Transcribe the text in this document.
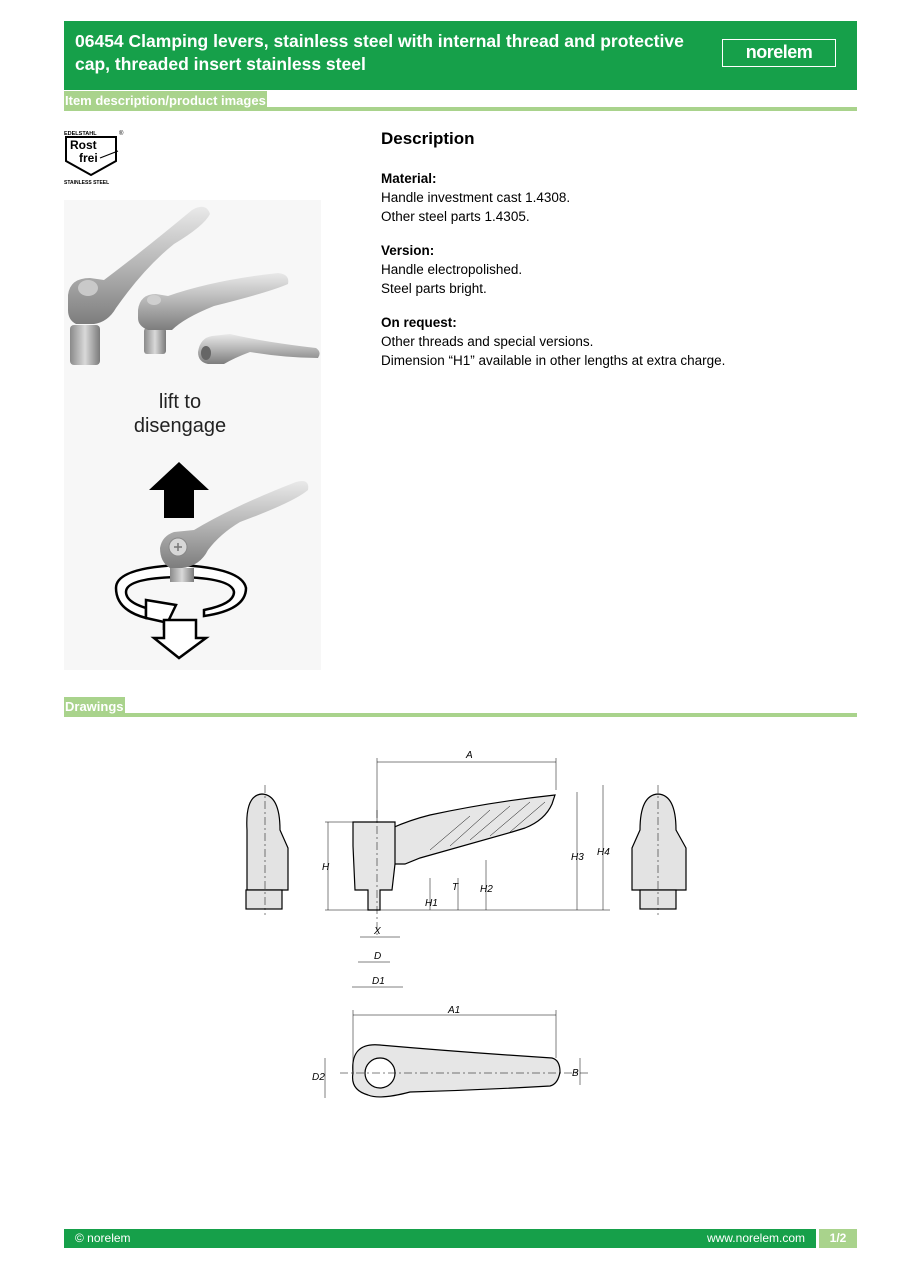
06454 Clamping levers, stainless steel with internal thread and protective cap, threaded insert stainless steel
norelem
Item description/product images
EDELSTAHL	®
Rost
frei
STAINLESS STEEL
lift to
disengage
Description
Material:
Handle investment cast 1.4308.
Other steel parts 1.4305.
Version:
Handle electropolished.
Steel parts bright.
On request:
Other threads and special versions.
Dimension “H1” available in other lengths at extra charge.
Drawings
A
A1
H
H1
T H2
H3 H4
X
D
D1
D2	B
© norelem	www.norelem.com	1/2
